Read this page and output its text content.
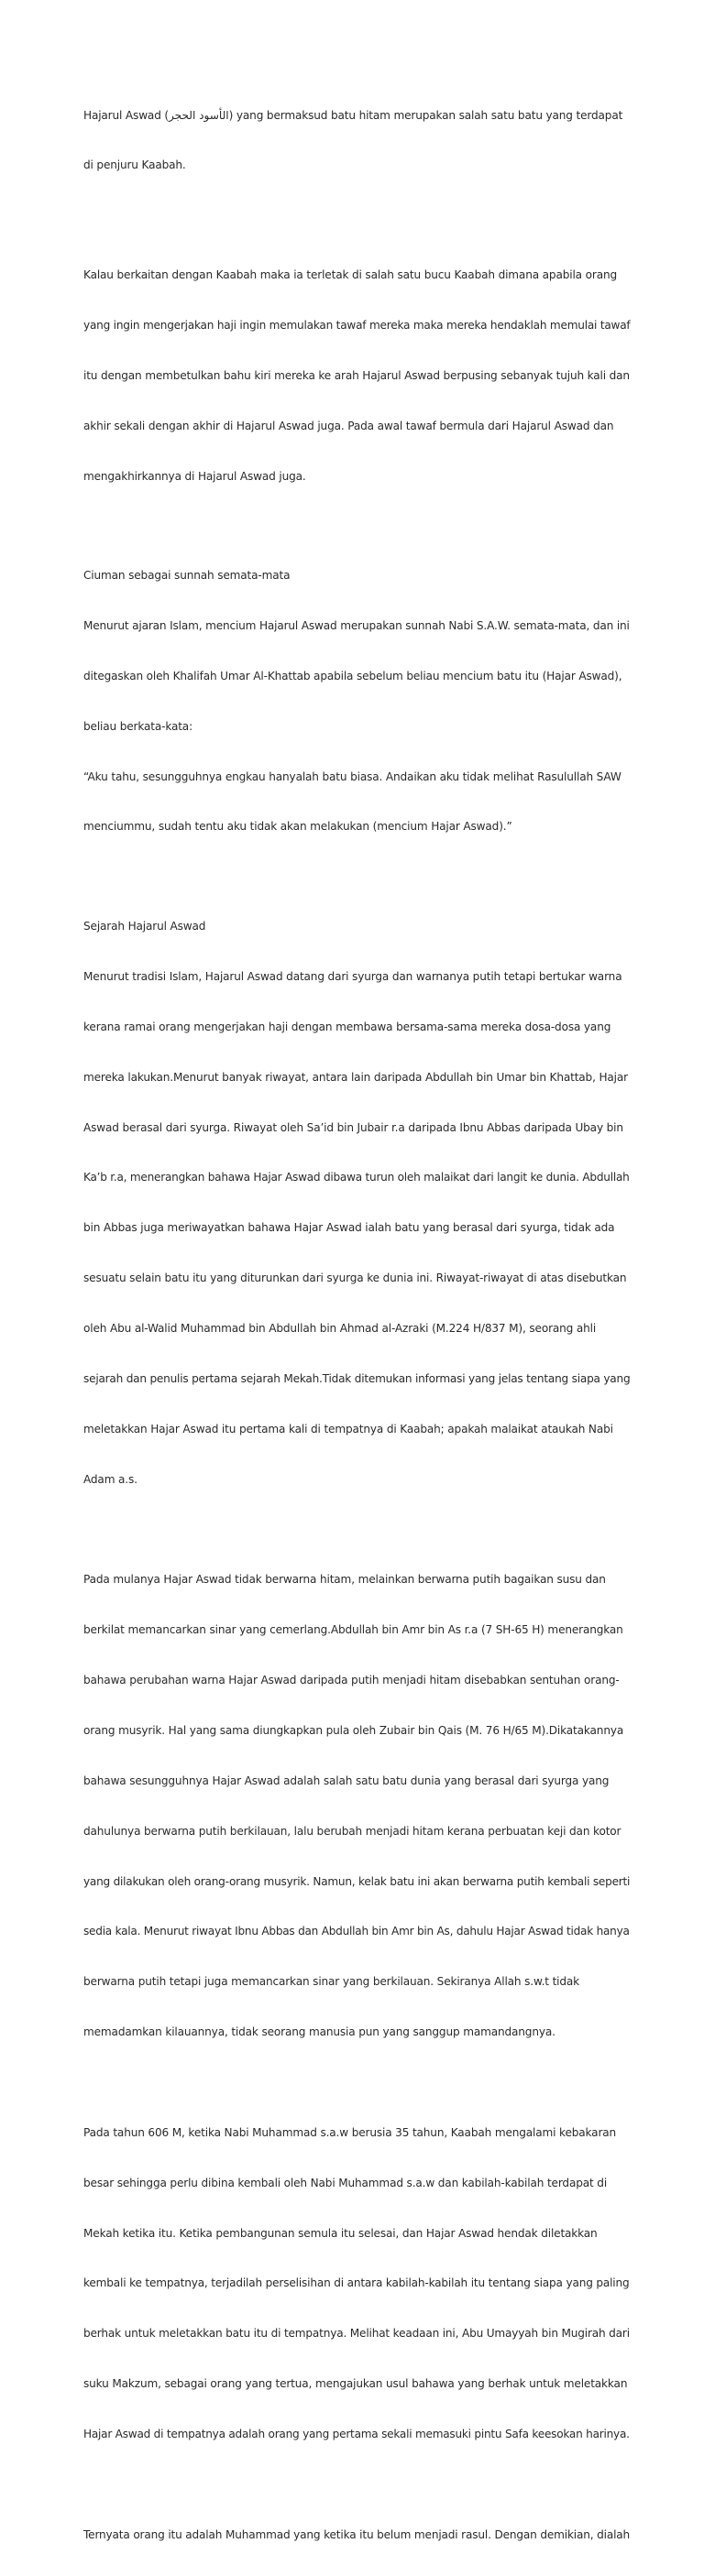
Hajarul Aswad (الأسود الحجر) yang bermaksud batu hitam merupakan salah satu batu yang terdapat

di penjuru Kaabah.

Kalau berkaitan dengan Kaabah maka ia terletak di salah satu bucu Kaabah dimana apabila orang

yang ingin mengerjakan haji ingin memulakan tawaf mereka maka mereka hendaklah memulai tawaf

itu dengan membetulkan bahu kiri mereka ke arah Hajarul Aswad berpusing sebanyak tujuh kali dan

akhir sekali dengan akhir di Hajarul Aswad juga. Pada awal tawaf bermula dari Hajarul Aswad dan

mengakhirkannya di Hajarul Aswad juga.

Ciuman sebagai sunnah semata-mata

Menurut ajaran Islam, mencium Hajarul Aswad merupakan sunnah Nabi S.A.W. semata-mata, dan ini

ditegaskan oleh Khalifah Umar Al-Khattab apabila sebelum beliau mencium batu itu (Hajar Aswad),

beliau berkata-kata:

“Aku tahu, sesungguhnya engkau hanyalah batu biasa. Andaikan aku tidak melihat Rasulullah SAW

menciummu, sudah tentu aku tidak akan melakukan (mencium Hajar Aswad).”

Sejarah Hajarul Aswad

Menurut tradisi Islam, Hajarul Aswad datang dari syurga dan warnanya putih tetapi bertukar warna

kerana ramai orang mengerjakan haji dengan membawa bersama-sama mereka dosa-dosa yang

mereka lakukan.Menurut banyak riwayat, antara lain daripada Abdullah bin Umar bin Khattab, Hajar

Aswad berasal dari syurga. Riwayat oleh Sa’id bin Jubair r.a daripada Ibnu Abbas daripada Ubay bin

Ka’b r.a, menerangkan bahawa Hajar Aswad dibawa turun oleh malaikat dari langit ke dunia. Abdullah

bin Abbas juga meriwayatkan bahawa Hajar Aswad ialah batu yang berasal dari syurga, tidak ada

sesuatu selain batu itu yang diturunkan dari syurga ke dunia ini. Riwayat-riwayat di atas disebutkan

oleh Abu al-Walid Muhammad bin Abdullah bin Ahmad al-Azraki (M.224 H/837 M), seorang ahli

sejarah dan penulis pertama sejarah Mekah.Tidak ditemukan informasi yang jelas tentang siapa yang

meletakkan Hajar Aswad itu pertama kali di tempatnya di Kaabah; apakah malaikat ataukah Nabi

Adam a.s.

Pada mulanya Hajar Aswad tidak berwarna hitam, melainkan berwarna putih bagaikan susu dan

berkilat memancarkan sinar yang cemerlang.Abdullah bin Amr bin As r.a (7 SH-65 H) menerangkan

bahawa perubahan warna Hajar Aswad daripada putih menjadi hitam disebabkan sentuhan orang-

orang musyrik. Hal yang sama diungkapkan pula oleh Zubair bin Qais (M. 76 H/65 M).Dikatakannya

bahawa sesungguhnya Hajar Aswad adalah salah satu batu dunia yang berasal dari syurga yang

dahulunya berwarna putih berkilauan, lalu berubah menjadi hitam kerana perbuatan keji dan kotor

yang dilakukan oleh orang-orang musyrik. Namun, kelak batu ini akan berwarna putih kembali seperti

sedia kala. Menurut riwayat Ibnu Abbas dan Abdullah bin Amr bin As, dahulu Hajar Aswad tidak hanya

berwarna putih tetapi juga memancarkan sinar yang berkilauan. Sekiranya Allah s.w.t tidak

memadamkan kilauannya, tidak seorang manusia pun yang sanggup mamandangnya.

Pada tahun 606 M, ketika Nabi Muhammad s.a.w berusia 35 tahun, Kaabah mengalami kebakaran

besar sehingga perlu dibina kembali oleh Nabi Muhammad s.a.w dan kabilah-kabilah terdapat di

Mekah ketika itu. Ketika pembangunan semula itu selesai, dan Hajar Aswad hendak diletakkan

kembali ke tempatnya, terjadilah perselisihan di antara kabilah-kabilah itu tentang siapa yang paling

berhak untuk meletakkan batu itu di tempatnya. Melihat keadaan ini, Abu Umayyah bin Mugirah dari

suku Makzum, sebagai orang yang tertua, mengajukan usul bahawa yang berhak untuk meletakkan

Hajar Aswad di tempatnya adalah orang yang pertama sekali memasuki pintu Safa keesokan harinya.

Ternyata orang itu adalah Muhammad yang ketika itu belum menjadi rasul. Dengan demikian, dialah
